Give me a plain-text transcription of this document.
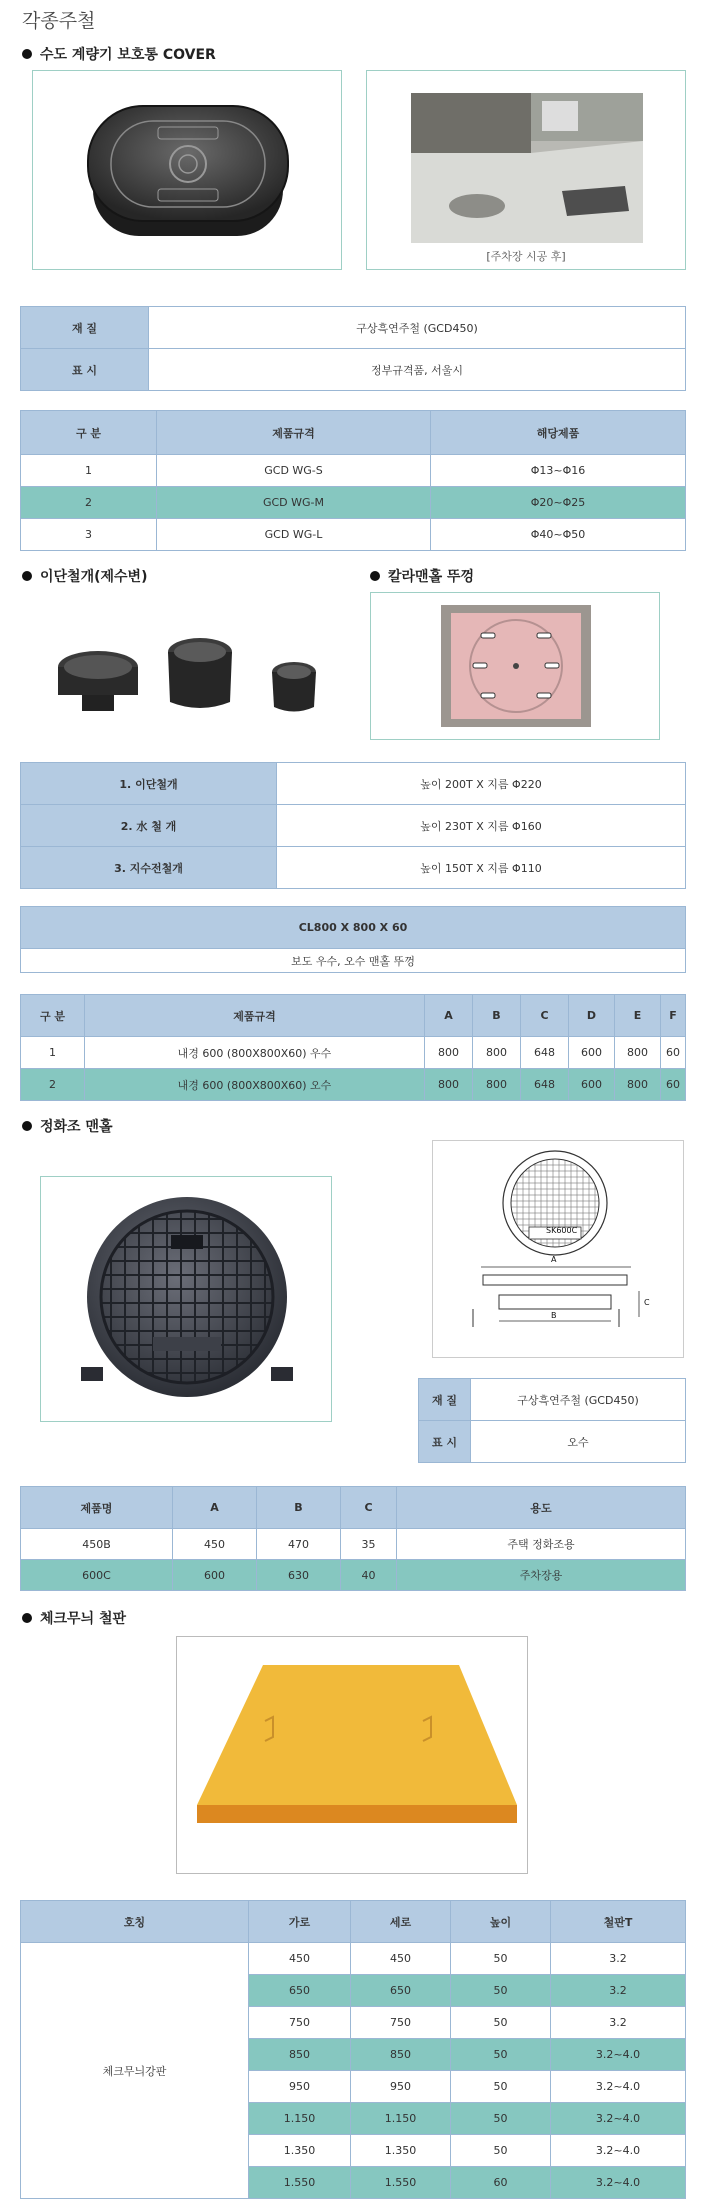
각종주철
수도 계량기 보호통 COVER
[주차장 시공 후]
재 질	구상흑연주철 (GCD450)
표 시	정부규격품, 서울시
구 분	제품규격	해당제품
1	GCD WG-S	Φ13~Φ16
2	GCD WG-M	Φ20~Φ25
3	GCD WG-L	Φ40~Φ50
이단철개(제수변)	칼라맨홀 뚜껑
1. 이단철개	높이 200T X 지름 Φ220
2. 水 철 개	높이 230T X 지름 Φ160
3. 지수전철개	높이 150T X 지름 Φ110
CL800 X 800 X 60
보도 우수, 오수 맨홀 뚜껑
구 분	제품규격	A	B	C	D	E	F
1	내경 600 (800X800X60) 우수	800	800	648	600	800	60
2	내경 600 (800X800X60) 오수	800	800	648	600	800	60
정화조 맨홀
SK600C
A
B
C
재 질	구상흑연주철 (GCD450)
표 시	오수
제품명	A	B	C	용도
450B	450	470	35	주택 정화조용
600C	600	630	40	주차장용
체크무늬 철판
호칭	가로	세로	높이	철판T
체크무늬강판	450	450	50	3.2
	650	650	50	3.2
	750	750	50	3.2
	850	850	50	3.2~4.0
	950	950	50	3.2~4.0
	1.150	1.150	50	3.2~4.0
	1.350	1.350	50	3.2~4.0
	1.550	1.550	60	3.2~4.0
